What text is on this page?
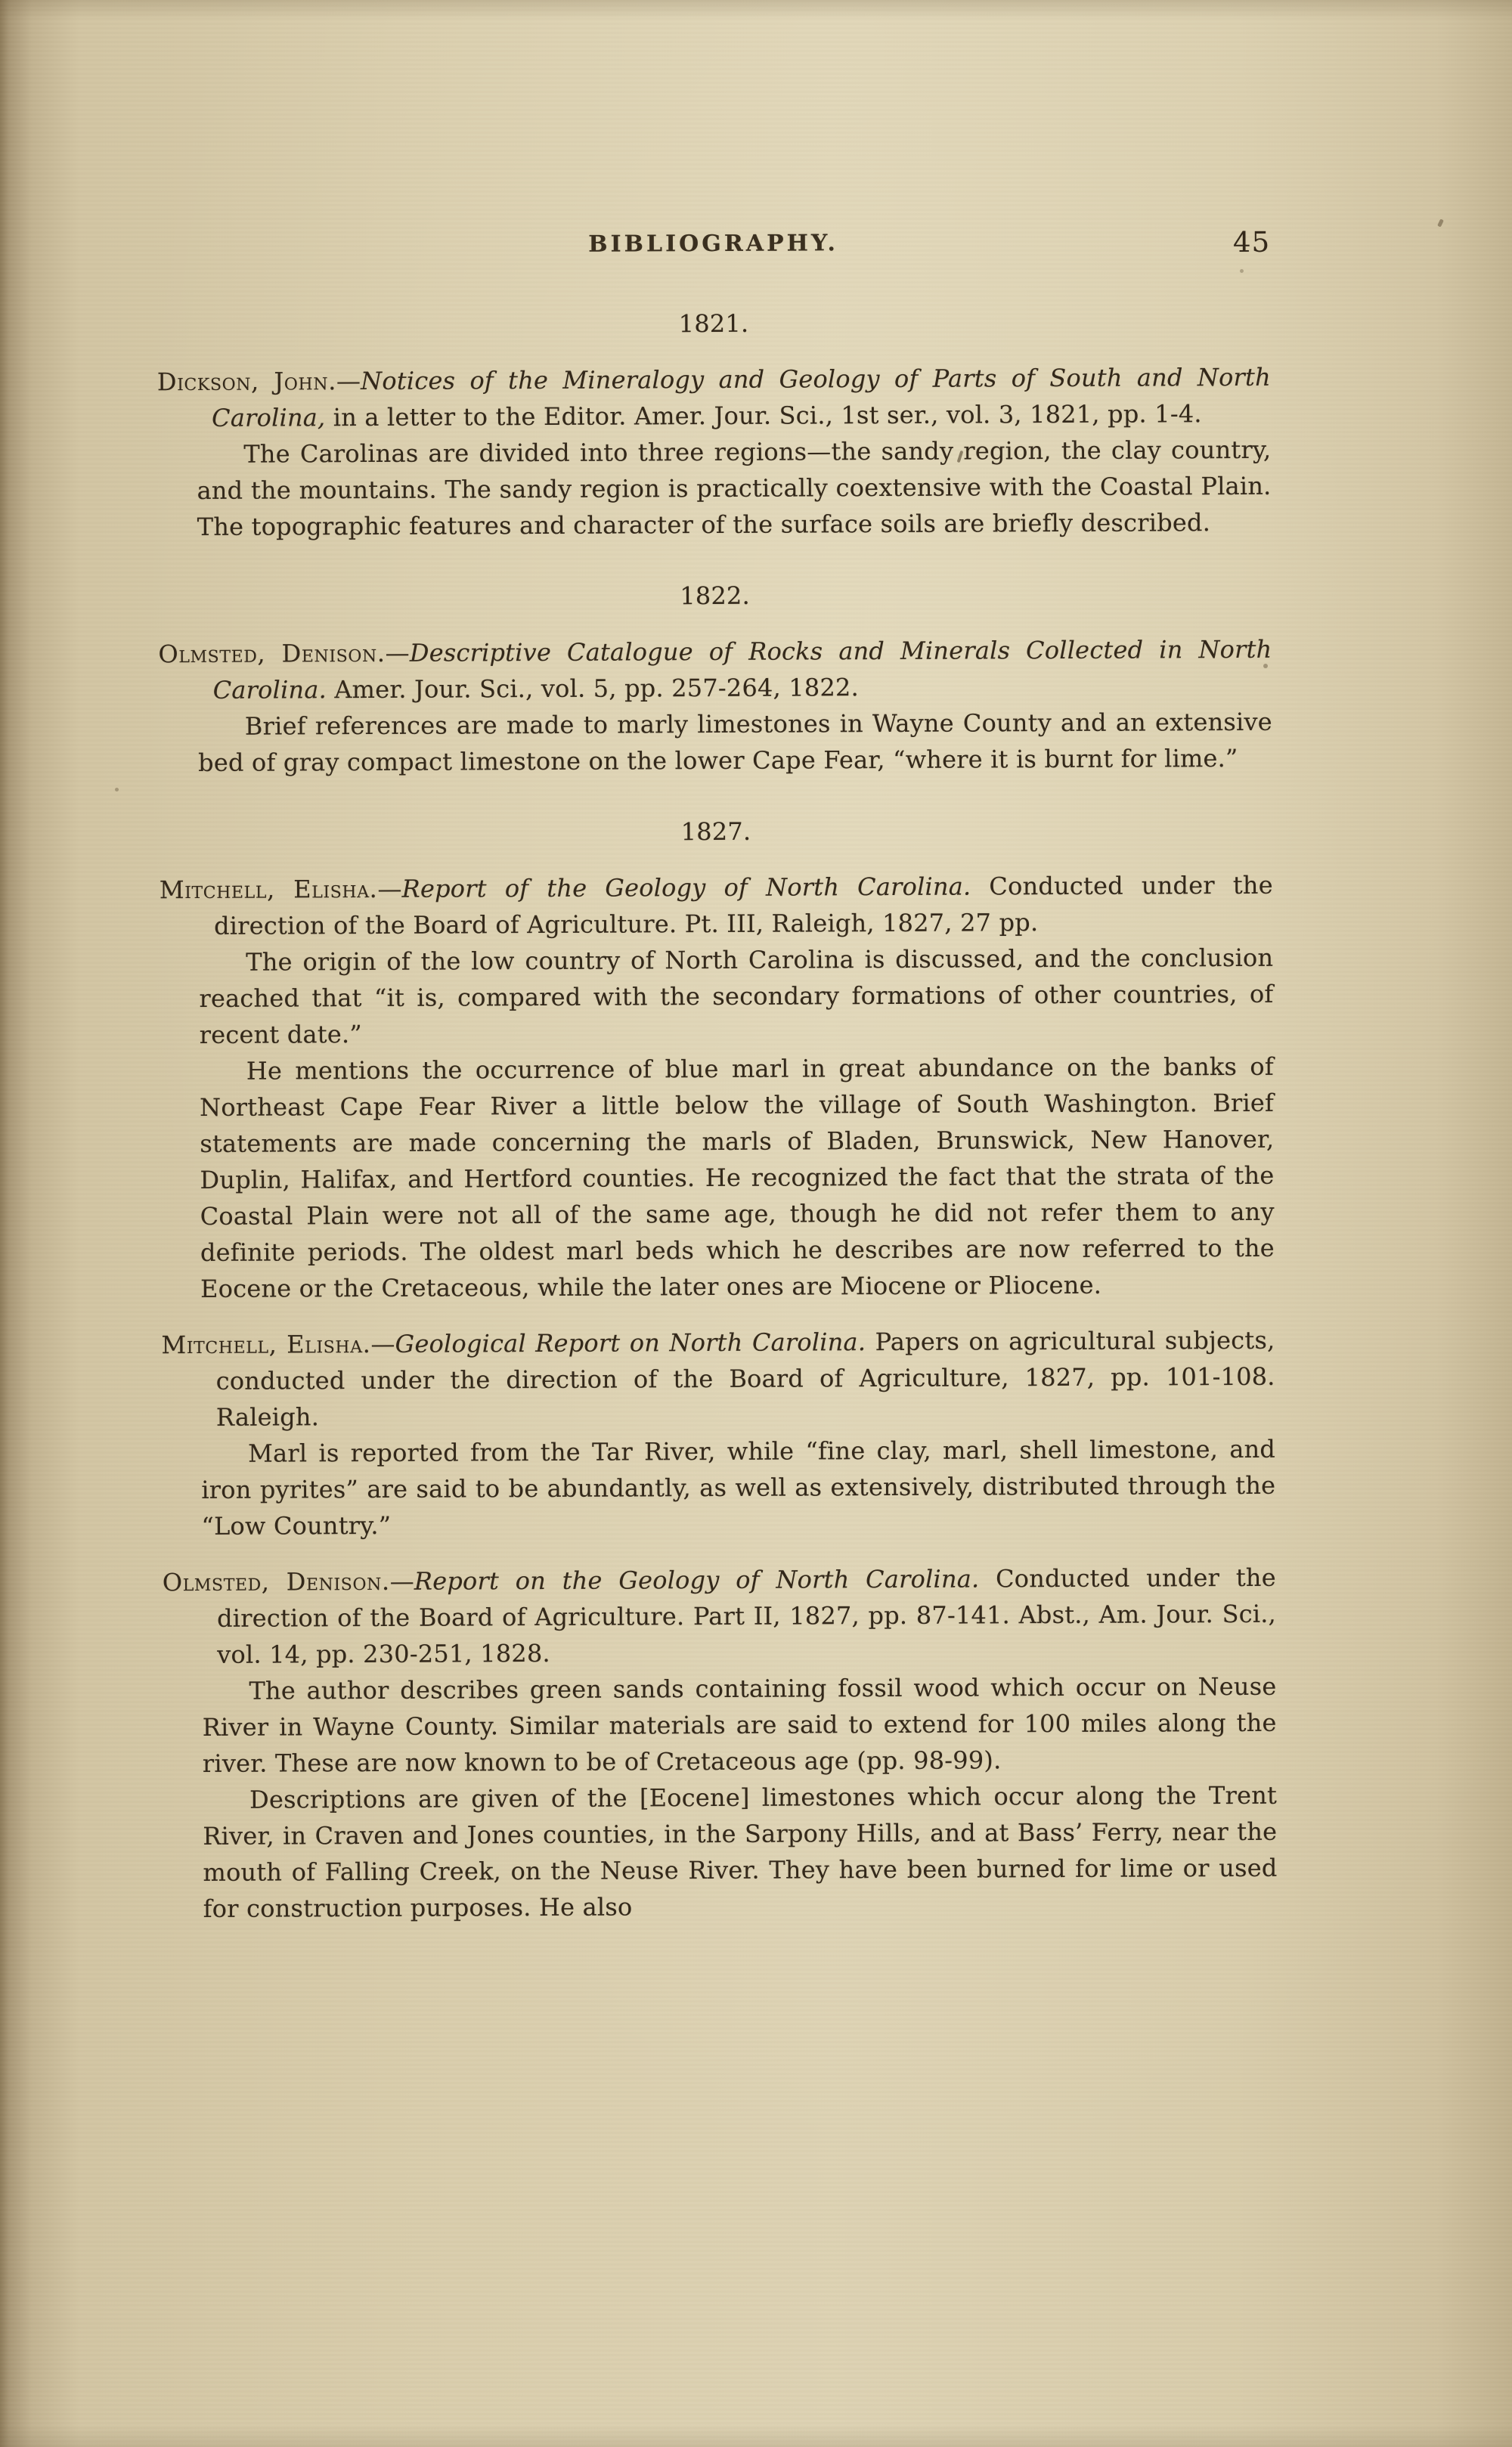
BIBLIOGRAPHY.	45
1821.

Dickson, John.—Notices of the Mineralogy and Geology of Parts of South and North Carolina, in a letter to the Editor. Amer. Jour. Sci., 1st ser., vol. 3, 1821, pp. 1-4.

The Carolinas are divided into three regions—the sandy region, the clay country, and the mountains. The sandy region is practically coextensive with the Coastal Plain. The topographic features and character of the surface soils are briefly described.

1822.

Olmsted, Denison.—Descriptive Catalogue of Rocks and Minerals Collected in North Carolina. Amer. Jour. Sci., vol. 5, pp. 257-264, 1822.

Brief references are made to marly limestones in Wayne County and an extensive bed of gray compact limestone on the lower Cape Fear, “where it is burnt for lime.”

1827.

Mitchell, Elisha.—Report of the Geology of North Carolina. Conducted under the direction of the Board of Agriculture. Pt. III, Raleigh, 1827, 27 pp.

The origin of the low country of North Carolina is discussed, and the conclusion reached that “it is, compared with the secondary formations of other countries, of recent date.”

He mentions the occurrence of blue marl in great abundance on the banks of Northeast Cape Fear River a little below the village of South Washington. Brief statements are made concerning the marls of Bladen, Brunswick, New Hanover, Duplin, Halifax, and Hertford counties. He recognized the fact that the strata of the Coastal Plain were not all of the same age, though he did not refer them to any definite periods. The oldest marl beds which he describes are now referred to the Eocene or the Cretaceous, while the later ones are Miocene or Pliocene.

Mitchell, Elisha.—Geological Report on North Carolina. Papers on agricultural subjects, conducted under the direction of the Board of Agriculture, 1827, pp. 101-108. Raleigh.

Marl is reported from the Tar River, while “fine clay, marl, shell limestone, and iron pyrites” are said to be abundantly, as well as extensively, distributed through the “Low Country.”

Olmsted, Denison.—Report on the Geology of North Carolina. Conducted under the direction of the Board of Agriculture. Part II, 1827, pp. 87-141. Abst., Am. Jour. Sci., vol. 14, pp. 230-251, 1828.

The author describes green sands containing fossil wood which occur on Neuse River in Wayne County. Similar materials are said to extend for 100 miles along the river. These are now known to be of Cretaceous age (pp. 98-99).

Descriptions are given of the [Eocene] limestones which occur along the Trent River, in Craven and Jones counties, in the Sarpony Hills, and at Bass’ Ferry, near the mouth of Falling Creek, on the Neuse River. They have been burned for lime or used for construction purposes. He also
